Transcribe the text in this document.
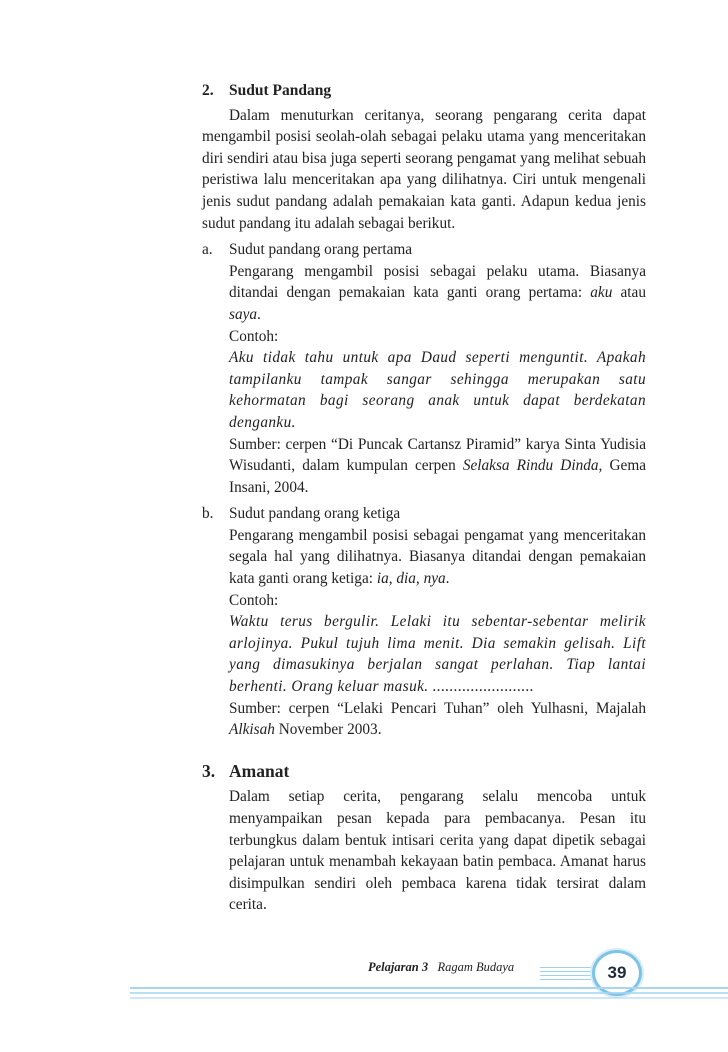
2. Sudut Pandang

Dalam menuturkan ceritanya, seorang pengarang cerita dapat mengambil posisi seolah-olah sebagai pelaku utama yang menceritakan diri sendiri atau bisa juga seperti seorang pengamat yang melihat sebuah peristiwa lalu menceritakan apa yang dilihatnya. Ciri untuk mengenali jenis sudut pandang adalah pemakaian kata ganti. Adapun kedua jenis sudut pandang itu adalah sebagai berikut.

a.	Sudut pandang orang pertama

Pengarang mengambil posisi sebagai pelaku utama. Biasanya ditandai dengan pemakaian kata ganti orang pertama: aku atau saya.

Contoh:

Aku tidak tahu untuk apa Daud seperti menguntit. Apakah tampilanku tampak sangar sehingga merupakan satu kehormatan bagi seorang anak untuk dapat berdekatan denganku.

Sumber: cerpen “Di Puncak Cartansz Piramid” karya Sinta Yudisia Wisudanti, dalam kumpulan cerpen Selaksa Rindu Dinda, Gema Insani, 2004.

b.	Sudut pandang orang ketiga

Pengarang mengambil posisi sebagai pengamat yang menceritakan segala hal yang dilihatnya. Biasanya ditandai dengan pemakaian kata ganti orang ketiga: ia, dia, nya.

Contoh:

Waktu terus bergulir. Lelaki itu sebentar-sebentar melirik arlojinya. Pukul tujuh lima menit. Dia semakin gelisah. Lift yang dimasukinya berjalan sangat perlahan. Tiap lantai berhenti. Orang keluar masuk. ........................

Sumber: cerpen “Lelaki Pencari Tuhan” oleh Yulhasni, Majalah Alkisah November 2003.

3. Amanat

Dalam setiap cerita, pengarang selalu mencoba untuk menyampaikan pesan kepada para pembacanya. Pesan itu terbungkus dalam bentuk intisari cerita yang dapat dipetik sebagai pelajaran untuk menambah kekayaan batin pembaca. Amanat harus disimpulkan sendiri oleh pembaca karena tidak tersirat dalam cerita.

Pelajaran 3 Ragam Budaya	39
